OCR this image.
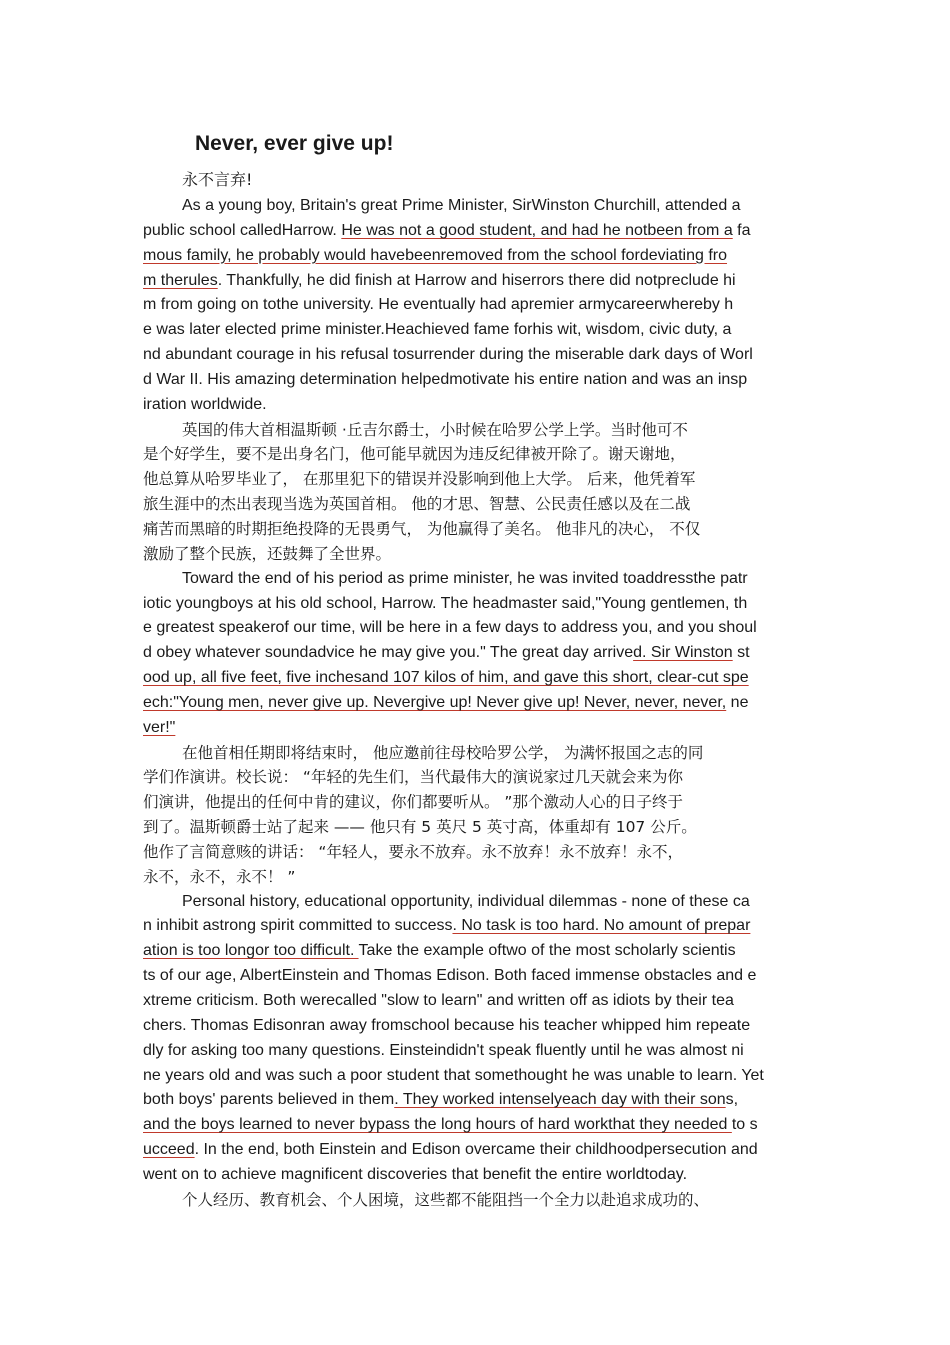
Never, ever give up!

永不言弃!

As a young boy, Britain's great Prime Minister, SirWinston Churchill, attended a
public school calledHarrow. He was not a good student, and had he notbeen from a fa
mous family, he probably would havebeenremoved from the school fordeviating fro
m therules. Thankfully, he did finish at Harrow and hiserrors there did notpreclude hi
m from going on tothe university. He eventually had apremier armycareerwhereby h
e was later elected prime minister.Heachieved fame forhis wit, wisdom, civic duty, a
nd abundant courage in his refusal tosurrender during the miserable dark days of Worl
d War II. His amazing determination helpedmotivate his entire nation and was an insp
iration worldwide.
英国的伟大首相温斯顿 ·丘吉尔爵士，小时候在哈罗公学上学。当时他可不
是个好学生，要不是出身名门，他可能早就因为违反纪律被开除了。谢天谢地，
他总算从哈罗毕业了， 在那里犯下的错误并没影响到他上大学。 后来，他凭着军
旅生涯中的杰出表现当选为英国首相。 他的才思、智慧、公民责任感以及在二战
痛苦而黑暗的时期拒绝投降的无畏勇气， 为他赢得了美名。 他非凡的决心， 不仅
激励了整个民族，还鼓舞了全世界。
Toward the end of his period as prime minister, he was invited toaddressthe patr
iotic youngboys at his old school, Harrow. The headmaster said,"Young gentlemen, th
e greatest speakerof our time, will be here in a few days to address you, and you shoul
d obey whatever soundadvice he may give you." The great day arrived. Sir Winston st
ood up, all five feet, five inchesand 107 kilos of him, and gave this short, clear-cut spe
ech:"Young men, never give up. Nevergive up! Never give up! Never, never, never, ne
ver!"
在他首相任期即将结束时， 他应邀前往母校哈罗公学， 为满怀报国之志的同
学们作演讲。校长说： “年轻的先生们，当代最伟大的演说家过几天就会来为你
们演讲，他提出的任何中肯的建议，你们都要听从。 ”那个激动人心的日子终于
到了。温斯顿爵士站了起来 —— 他只有 5 英尺 5 英寸高，体重却有 107 公斤。
他作了言简意赅的讲话： “年轻人，要永不放弃。永不放弃！永不放弃！永不，
永不，永不，永不！ ”
Personal history, educational opportunity, individual dilemmas - none of these ca
n inhibit astrong spirit committed to success. No task is too hard. No amount of prepar
ation is too longor too difficult. Take the example oftwo of the most scholarly scientis
ts of our age, AlbertEinstein and Thomas Edison. Both faced immense obstacles and e
xtreme criticism. Both werecalled "slow to learn" and written off as idiots by their tea
chers. Thomas Edisonran away fromschool because his teacher whipped him repeate
dly for asking too many questions. Einsteindidn't speak fluently until he was almost ni
ne years old and was such a poor student that somethought he was unable to learn. Yet
both boys' parents believed in them. They worked intenselyeach day with their sons,
and the boys learned to never bypass the long hours of hard workthat they needed to s
ucceed. In the end, both Einstein and Edison overcame their childhoodpersecution and
went on to achieve magnificent discoveries that benefit the entire worldtoday.
个人经历、教育机会、个人困境，这些都不能阻挡一个全力以赴追求成功的、
